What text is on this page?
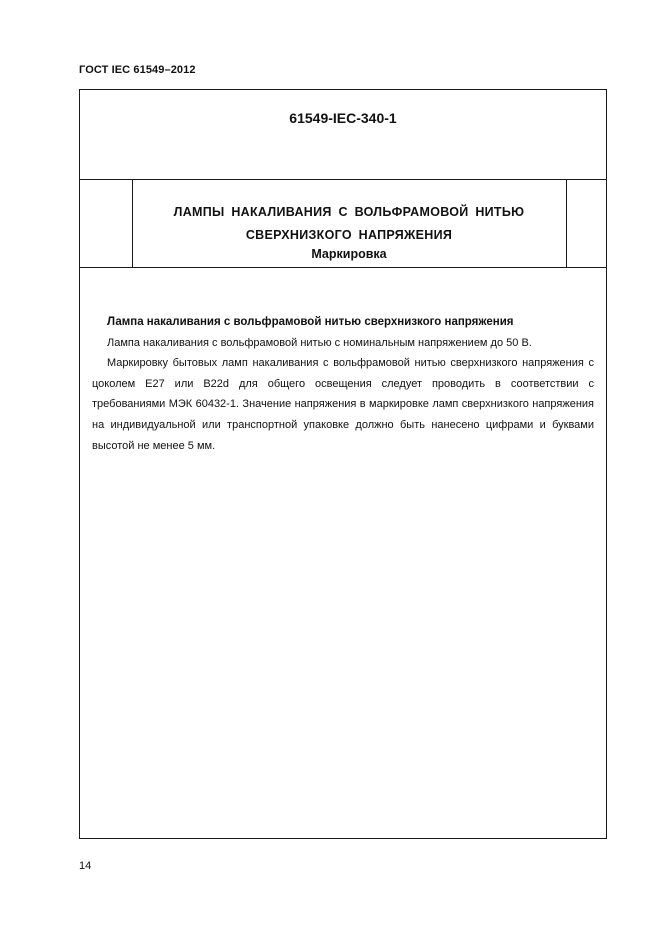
ГОСТ IEC 61549–2012
61549-IEC-340-1
ЛАМПЫ НАКАЛИВАНИЯ С ВОЛЬФРАМОВОЙ НИТЬЮ
СВЕРХНИЗКОГО НАПРЯЖЕНИЯ
Маркировка

Лампа накаливания с вольфрамовой нитью сверхнизкого напряжения

Лампа накаливания с вольфрамовой нитью с номинальным напряжением до 50 В.

Маркировку бытовых ламп накаливания с вольфрамовой нитью сверхнизкого напряжения с цоколем E27 или B22d для общего освещения следует проводить в соответствии с требованиями МЭК 60432-1. Значение напряжения в маркировке ламп сверхнизкого напряжения на индивидуальной или транспортной упаковке должно быть нанесено цифрами и буквами высотой не менее 5 мм.

14
